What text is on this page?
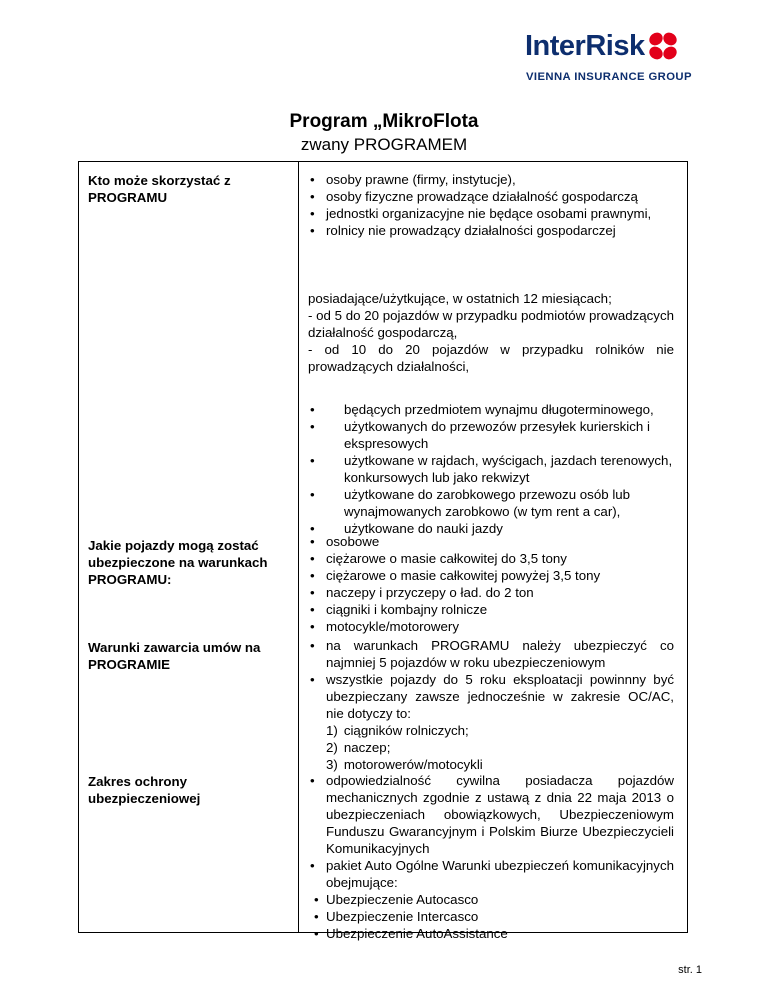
InterRisk
VIENNA INSURANCE GROUP
Program „MikroFlota
zwany PROGRAMEM
Kto może skorzystać z
PROGRAMU
• osoby prawne (firmy, instytucje),
• osoby fizyczne prowadzące działalność gospodarczą
• jednostki organizacyjne nie będące osobami prawnymi,
• rolnicy nie prowadzący działalności gospodarczej

posiadające/użytkujące, w ostatnich 12 miesiącach;

- od 5 do 20 pojazdów w przypadku podmiotów prowadzących działalność gospodarczą,

- od 10 do 20 pojazdów w przypadku rolników nie prowadzących działalności,

• będących przedmiotem wynajmu długoterminowego,
• użytkowanych do przewozów przesyłek kurierskich i ekspresowych
• użytkowane w rajdach, wyścigach, jazdach terenowych, konkursowych lub jako rekwizyt
• użytkowane do zarobkowego przewozu osób lub wynajmowanych zarobkowo (w tym rent a car),
• użytkowane do nauki jazdy
Jakie pojazdy mogą zostać
ubezpieczone na warunkach
PROGRAMU:
• osobowe
• ciężarowe o masie całkowitej do 3,5 tony
• ciężarowe o masie całkowitej powyżej 3,5 tony
• naczepy i przyczepy o ład. do 2 ton
• ciągniki i kombajny rolnicze
• motocykle/motorowery
Warunki zawarcia umów na
PROGRAMIE
• na warunkach PROGRAMU należy ubezpieczyć co najmniej 5 pojazdów w roku ubezpieczeniowym
• wszystkie pojazdy do 5 roku eksploatacji powinnny być ubezpieczany zawsze jednocześnie w zakresie OC/AC, nie dotyczy to:
1) ciągników rolniczych;
2) naczep;
3) motorowerów/motocykli
Zakres ochrony
ubezpieczeniowej
• odpowiedzialność cywilna posiadacza pojazdów mechanicznych zgodnie z ustawą z dnia 22 maja 2013 o ubezpieczeniach obowiązkowych, Ubezpieczeniowym Funduszu Gwarancyjnym i Polskim Biurze Ubezpieczycieli Komunikacyjnych
• pakiet Auto Ogólne Warunki ubezpieczeń komunikacyjnych obejmujące:
• Ubezpieczenie Autocasco
• Ubezpieczenie Intercasco
• Ubezpieczenie AutoAssistance
str. 1
